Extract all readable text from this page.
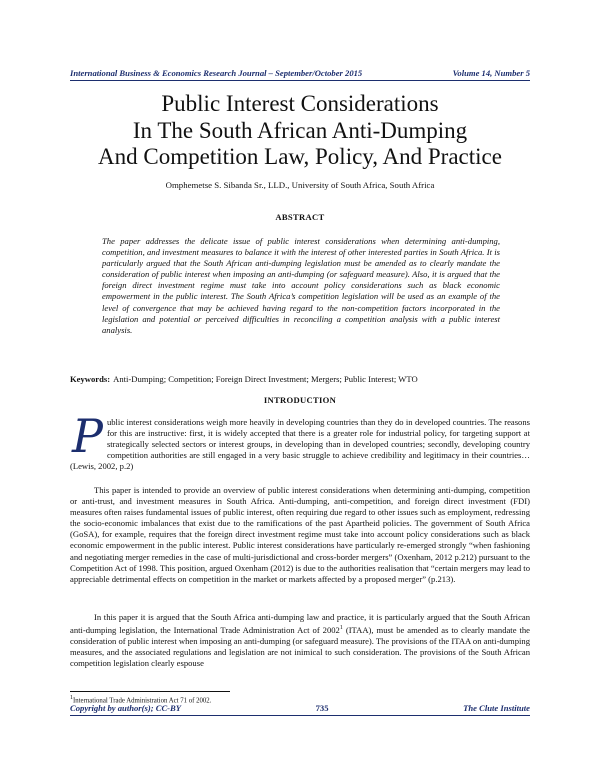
International Business & Economics Research Journal – September/October 2015	Volume 14, Number 5
Public Interest Considerations
In The South African Anti-Dumping
And Competition Law, Policy, And Practice
Omphemetse S. Sibanda Sr., LLD., University of South Africa, South Africa
ABSTRACT
The paper addresses the delicate issue of public interest considerations when determining anti-dumping, competition, and investment measures to balance it with the interest of other interested parties in South Africa. It is particularly argued that the South African anti-dumping legislation must be amended as to clearly mandate the consideration of public interest when imposing an anti-dumping (or safeguard measure). Also, it is argued that the foreign direct investment regime must take into account policy considerations such as black economic empowerment in the public interest. The South Africa’s competition legislation will be used as an example of the level of convergence that may be achieved having regard to the non-competition factors incorporated in the legislation and potential or perceived difficulties in reconciling a competition analysis with a public interest analysis.
Keywords: Anti-Dumping; Competition; Foreign Direct Investment; Mergers; Public Interest; WTO
INTRODUCTION
Public interest considerations weigh more heavily in developing countries than they do in developed countries. The reasons for this are instructive: first, it is widely accepted that there is a greater role for industrial policy, for targeting support at strategically selected sectors or interest groups, in developing than in developed countries; secondly, developing country competition authorities are still engaged in a very basic struggle to achieve credibility and legitimacy in their countries…(Lewis, 2002, p.2)
This paper is intended to provide an overview of public interest considerations when determining anti-dumping, competition or anti-trust, and investment measures in South Africa. Anti-dumping, anti-competition, and foreign direct investment (FDI) measures often raises fundamental issues of public interest, often requiring due regard to other issues such as employment, redressing the socio-economic imbalances that exist due to the ramifications of the past Apartheid policies. The government of South Africa (GoSA), for example, requires that the foreign direct investment regime must take into account policy considerations such as black economic empowerment in the public interest. Public interest considerations have particularly re-emerged strongly “when fashioning and negotiating merger remedies in the case of multi-jurisdictional and cross-border mergers” (Oxenham, 2012 p.212) pursuant to the Competition Act of 1998. This position, argued Oxenham (2012) is due to the authorities realisation that “certain mergers may lead to appreciable detrimental effects on competition in the market or markets affected by a proposed merger” (p.213).
In this paper it is argued that the South Africa anti-dumping law and practice, it is particularly argued that the South African anti-dumping legislation, the International Trade Administration Act of 2002$^1$ (ITAA), must be amended as to clearly mandate the consideration of public interest when imposing an anti-dumping (or safeguard measure). The provisions of the ITAA on anti-dumping measures, and the associated regulations and legislation are not inimical to such consideration. The provisions of the South African competition legislation clearly espouse
$^1$International Trade Administration Act 71 of 2002.
Copyright by author(s); CC-BY	735	The Clute Institute
